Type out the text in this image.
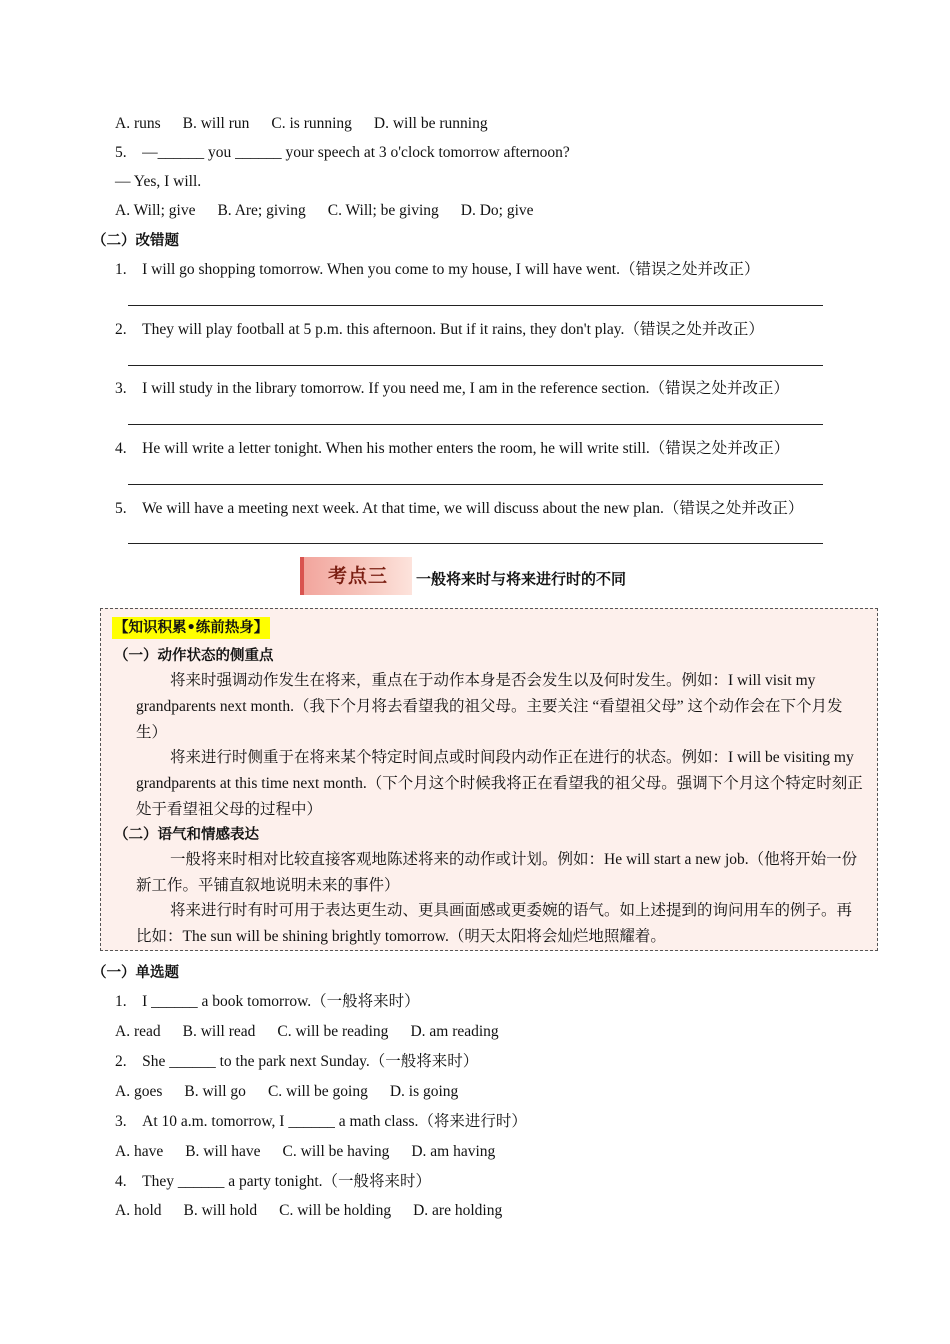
A. runs B. will run C. is running D. will be running
5. —______ you ______ your speech at 3 o'clock tomorrow afternoon?
— Yes, I will.
A. Will; give B. Are; giving C. Will; be giving D. Do; give
（二）改错题
1. I will go shopping tomorrow. When you come to my house, I will have went.（错误之处并改正）
2. They will play football at 5 p.m. this afternoon. But if it rains, they don't play.（错误之处并改正）
3. I will study in the library tomorrow. If you need me, I am in the reference section.（错误之处并改正）
4. He will write a letter tonight. When his mother enters the room, he will write still.（错误之处并改正）
5. We will have a meeting next week. At that time, we will discuss about the new plan.（错误之处并改正）
考点三	一般将来时与将来进行时的不同
【知识积累•练前热身】
（一）动作状态的侧重点
将来时强调动作发生在将来，重点在于动作本身是否会发生以及何时发生。例如：I will visit my grandparents next month.（我下个月将去看望我的祖父母。主要关注 “看望祖父母” 这个动作会在下个月发生）
将来进行时侧重于在将来某个特定时间点或时间段内动作正在进行的状态。例如：I will be visiting my grandparents at this time next month.（下个月这个时候我将正在看望我的祖父母。强调下个月这个特定时刻正处于看望祖父母的过程中）
（二）语气和情感表达
一般将来时相对比较直接客观地陈述将来的动作或计划。例如：He will start a new job.（他将开始一份新工作。平铺直叙地说明未来的事件）
将来进行时有时可用于表达更生动、更具画面感或更委婉的语气。如上述提到的询问用车的例子。再比如：The sun will be shining brightly tomorrow.（明天太阳将会灿烂地照耀着。
（一）单选题
1. I ______ a book tomorrow.（一般将来时）
A. read B. will read C. will be reading D. am reading
2. She ______ to the park next Sunday.（一般将来时）
A. goes B. will go C. will be going D. is going
3. At 10 a.m. tomorrow, I ______ a math class.（将来进行时）
A. have B. will have C. will be having D. am having
4. They ______ a party tonight.（一般将来时）
A. hold B. will hold C. will be holding D. are holding
